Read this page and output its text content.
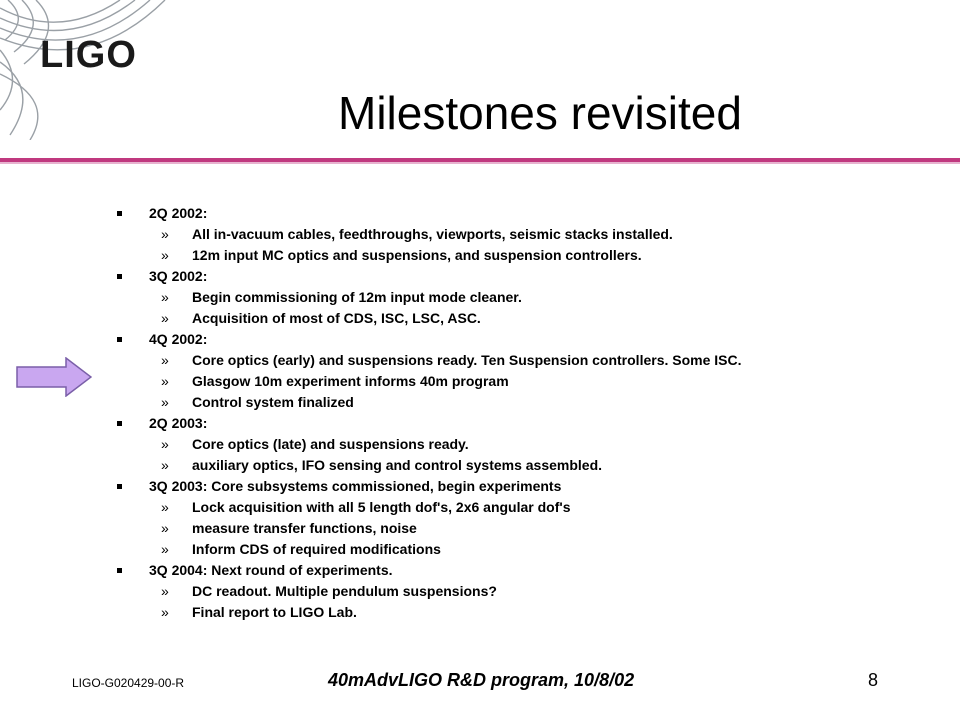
LIGO
Milestones revisited
2Q 2002:
» All in-vacuum cables, feedthroughs, viewports, seismic stacks installed.
» 12m input MC optics and suspensions, and suspension controllers.
3Q 2002:
» Begin commissioning of 12m input mode cleaner.
» Acquisition of most of CDS, ISC, LSC, ASC.
4Q 2002:
» Core optics (early) and suspensions ready. Ten Suspension controllers. Some ISC.
» Glasgow 10m experiment informs 40m program
» Control system finalized
2Q 2003:
» Core optics (late) and suspensions ready.
» auxiliary optics, IFO sensing and control systems assembled.
3Q 2003: Core subsystems commissioned, begin experiments
» Lock acquisition with all 5 length dof's, 2x6 angular dof's
» measure transfer functions, noise
» Inform CDS of required modifications
3Q 2004: Next round of experiments.
» DC readout. Multiple pendulum suspensions?
» Final report to LIGO Lab.
LIGO-G020429-00-R	40mAdvLIGO R&D program, 10/8/02	8
